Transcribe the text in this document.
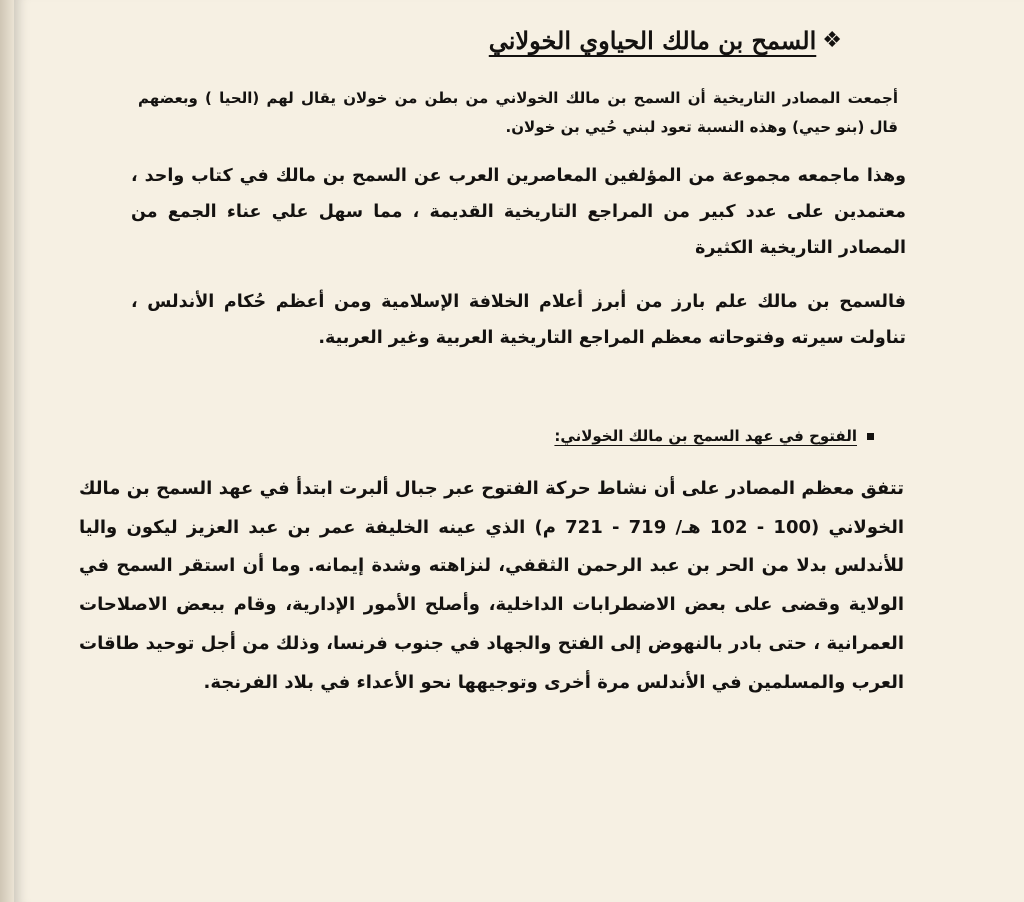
❖
السمح بن مالك الحياوي الخولاني

أجمعت المصادر التاريخية أن السمح بن مالك الخولاني من بطن من خولان يقال لهم (الحيا ) وبعضهم قال (بنو حيي) وهذه النسبة تعود لبني حُيي بن خولان.

وهذا ماجمعه مجموعة من المؤلفين المعاصرين العرب عن السمح بن مالك في كتاب واحد ، معتمدين على عدد كبير من المراجع التاريخية القديمة ، مما سهل علي عناء الجمع من المصادر التاريخية الكثيرة

فالسمح بن مالك علم بارز من أبرز أعلام الخلافة الإسلامية ومن أعظم حُكام الأندلس ، تناولت سيرته وفتوحاته معظم المراجع التاريخية العربية وغير العربية.

الفتوح في عهد السمح بن مالك الخولاني:

تتفق معظم المصادر على أن نشاط حركة الفتوح عبر جبال ألبرت ابتدأ في عهد السمح بن مالك الخولاني (100 - 102 هـ/ 719 - 721 م) الذي عينه الخليفة عمر بن عبد العزيز ليكون واليا للأندلس بدلا من الحر بن عبد الرحمن الثقفي، لنزاهته وشدة إيمانه. وما أن استقر السمح في الولاية وقضى على بعض الاضطرابات الداخلية، وأصلح الأمور الإدارية، وقام ببعض الاصلاحات العمرانية ، حتى بادر بالنهوض إلى الفتح والجهاد في جنوب فرنسا، وذلك من أجل توحيد طاقات العرب والمسلمين في الأندلس مرة أخرى وتوجيهها نحو الأعداء في بلاد الفرنجة.
